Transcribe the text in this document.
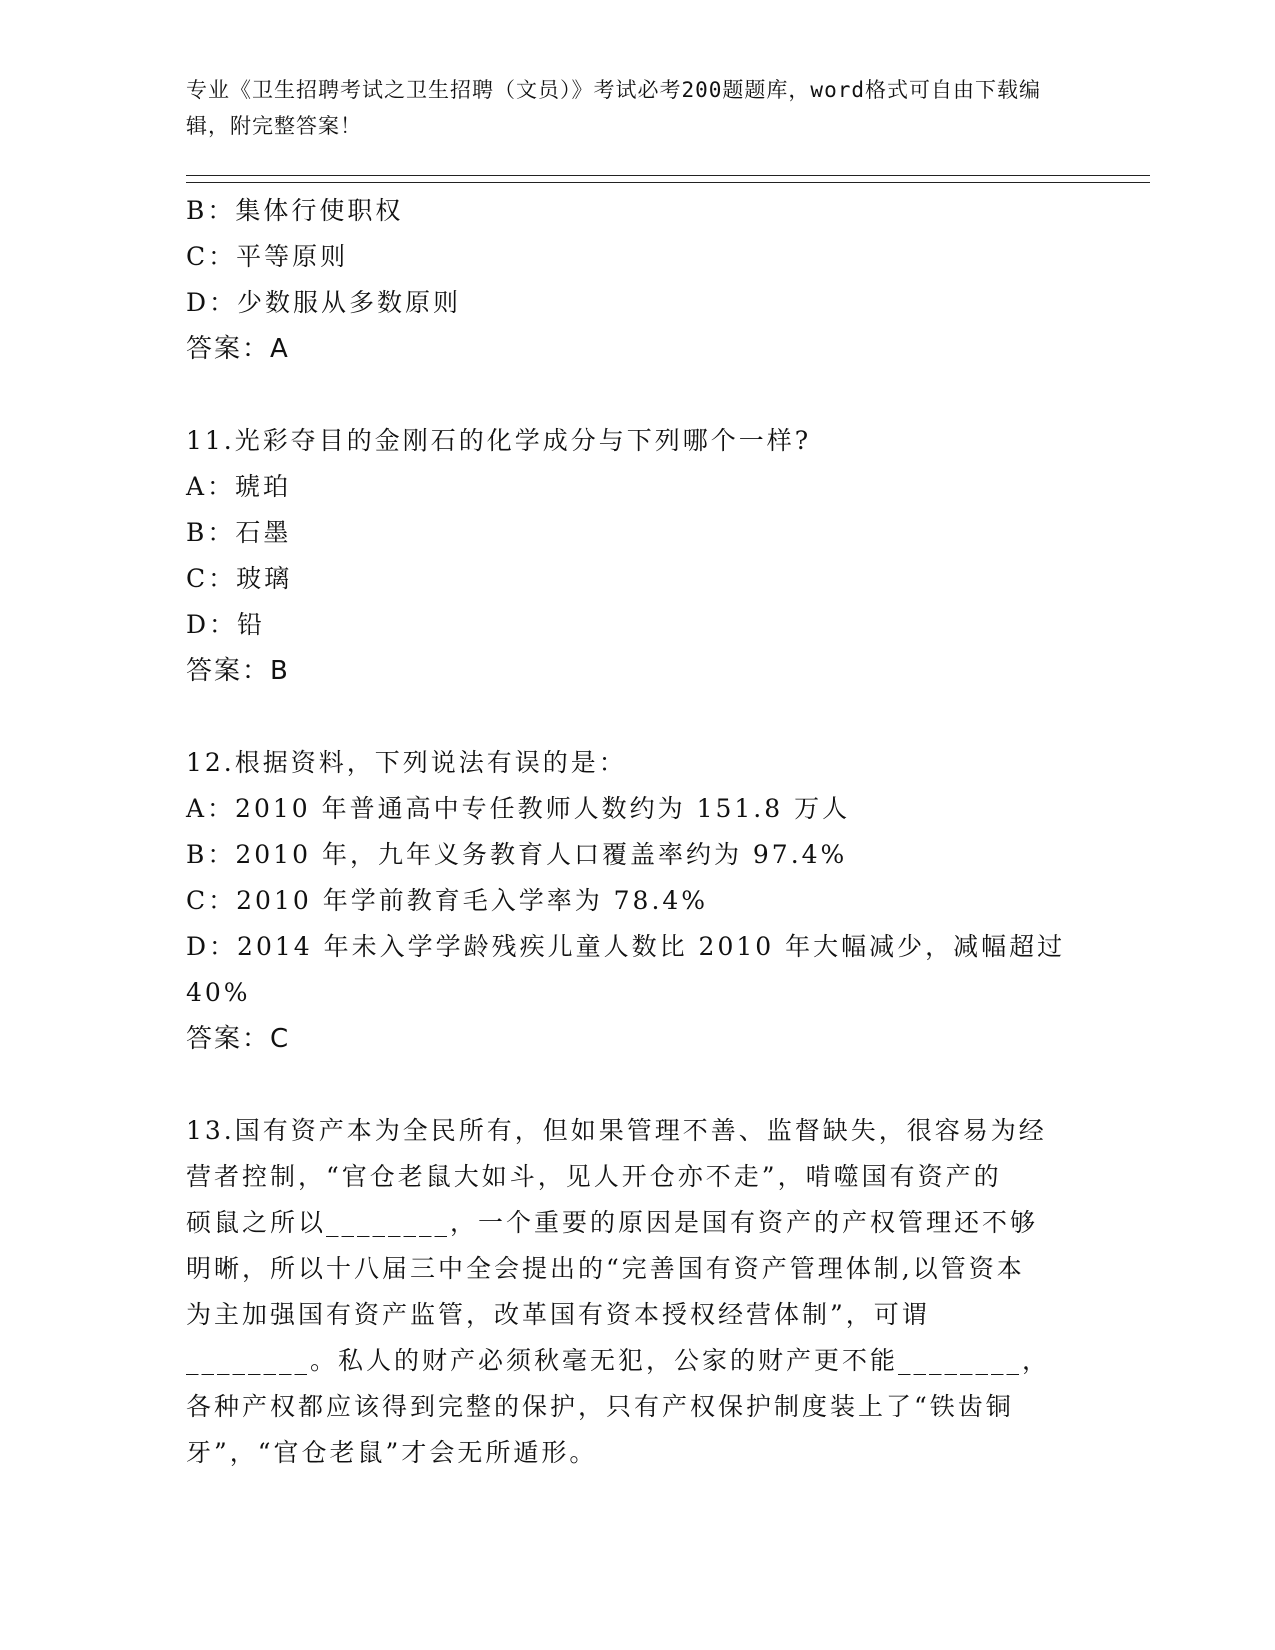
专业《卫生招聘考试之卫生招聘（文员）》考试必考200题题库，word格式可自由下载编辑，附完整答案！
B：集体行使职权
C：平等原则
D：少数服从多数原则
答案：A
11.光彩夺目的金刚石的化学成分与下列哪个一样?
A：琥珀
B：石墨
C：玻璃
D：铅
答案：B
12.根据资料，下列说法有误的是：
A：2010 年普通高中专任教师人数约为 151.8 万人
B：2010 年，九年义务教育人口覆盖率约为 97.4%
C：2010 年学前教育毛入学率为 78.4%
D：2014 年未入学学龄残疾儿童人数比 2010 年大幅减少，减幅超过
40%
答案：C
13.国有资产本为全民所有，但如果管理不善、监督缺失，很容易为经
营者控制，“官仓老鼠大如斗，见人开仓亦不走”，啃噬国有资产的
硕鼠之所以________，一个重要的原因是国有资产的产权管理还不够
明晰，所以十八届三中全会提出的“完善国有资产管理体制,以管资本
为主加强国有资产监管，改革国有资本授权经营体制”，可谓
________。私人的财产必须秋毫无犯，公家的财产更不能________，
各种产权都应该得到完整的保护，只有产权保护制度装上了“铁齿铜
牙”，“官仓老鼠”才会无所遁形。
